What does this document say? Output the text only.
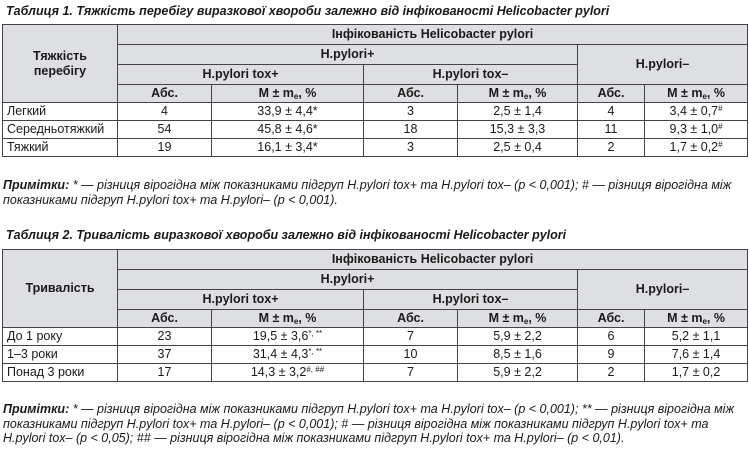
Таблиця 1. Тяжкість перебігу виразкової хвороби залежно від інфікованості Helicobacter pylori
Тяжкість перебігу	Інфікованість Helicobacter pylori					
	H.pylori+				H.pylori–	
	H.pylori tox+		H.pylori tox–			
	Абс.	$M \pm m_e$, %	Абс.	$M \pm m_e$, %	Абс.	$M \pm m_e$, %
Легкий	4	33,9 ± 4,4*	3	2,5 ± 1,4	4	3,4 ± 0,7#
Середньотяжкий	54	45,8 ± 4,6*	18	15,3 ± 3,3	11	9,3 ± 1,0#
Тяжкий	19	16,1 ± 3,4*	3	2,5 ± 0,4	2	1,7 ± 0,2#
Примітки: * — різниця вірогідна між показниками підгруп H.pylori tox+ та H.pylori tox– (p < 0,001); # — різниця вірогідна між показниками підгруп H.pylori tox+ та H.pylori– (p < 0,001).
Таблиця 2. Тривалість виразкової хвороби залежно від інфікованості Helicobacter pylori
Тривалість	Інфікованість Helicobacter pylori					
	H.pylori+				H.pylori–	
	H.pylori tox+		H.pylori tox–			
	Абс.	$M \pm m_e$, %	Абс.	$M \pm m_e$, %	Абс.	$M \pm m_e$, %
До 1 року	23	19,5 ± 3,6*, **	7	5,9 ± 2,2	6	5,2 ± 1,1
1–3 роки	37	31,4 ± 4,3*, **	10	8,5 ± 1,6	9	7,6 ± 1,4
Понад 3 роки	17	14,3 ± 3,2#, ##	7	5,9 ± 2,2	2	1,7 ± 0,2
Примітки: * — різниця вірогідна між показниками підгруп H.pylori tox+ та H.pylori tox– (p < 0,001); ** — різниця вірогідна між показниками підгруп H.pylori tox+ та H.pylori– (p < 0,001); # — різниця вірогідна між показниками підгруп H.pylori tox+ та H.pylori tox– (p < 0,05); ## — різниця вірогідна між показниками підгруп H.pylori tox+ та H.pylori– (p < 0,01).
